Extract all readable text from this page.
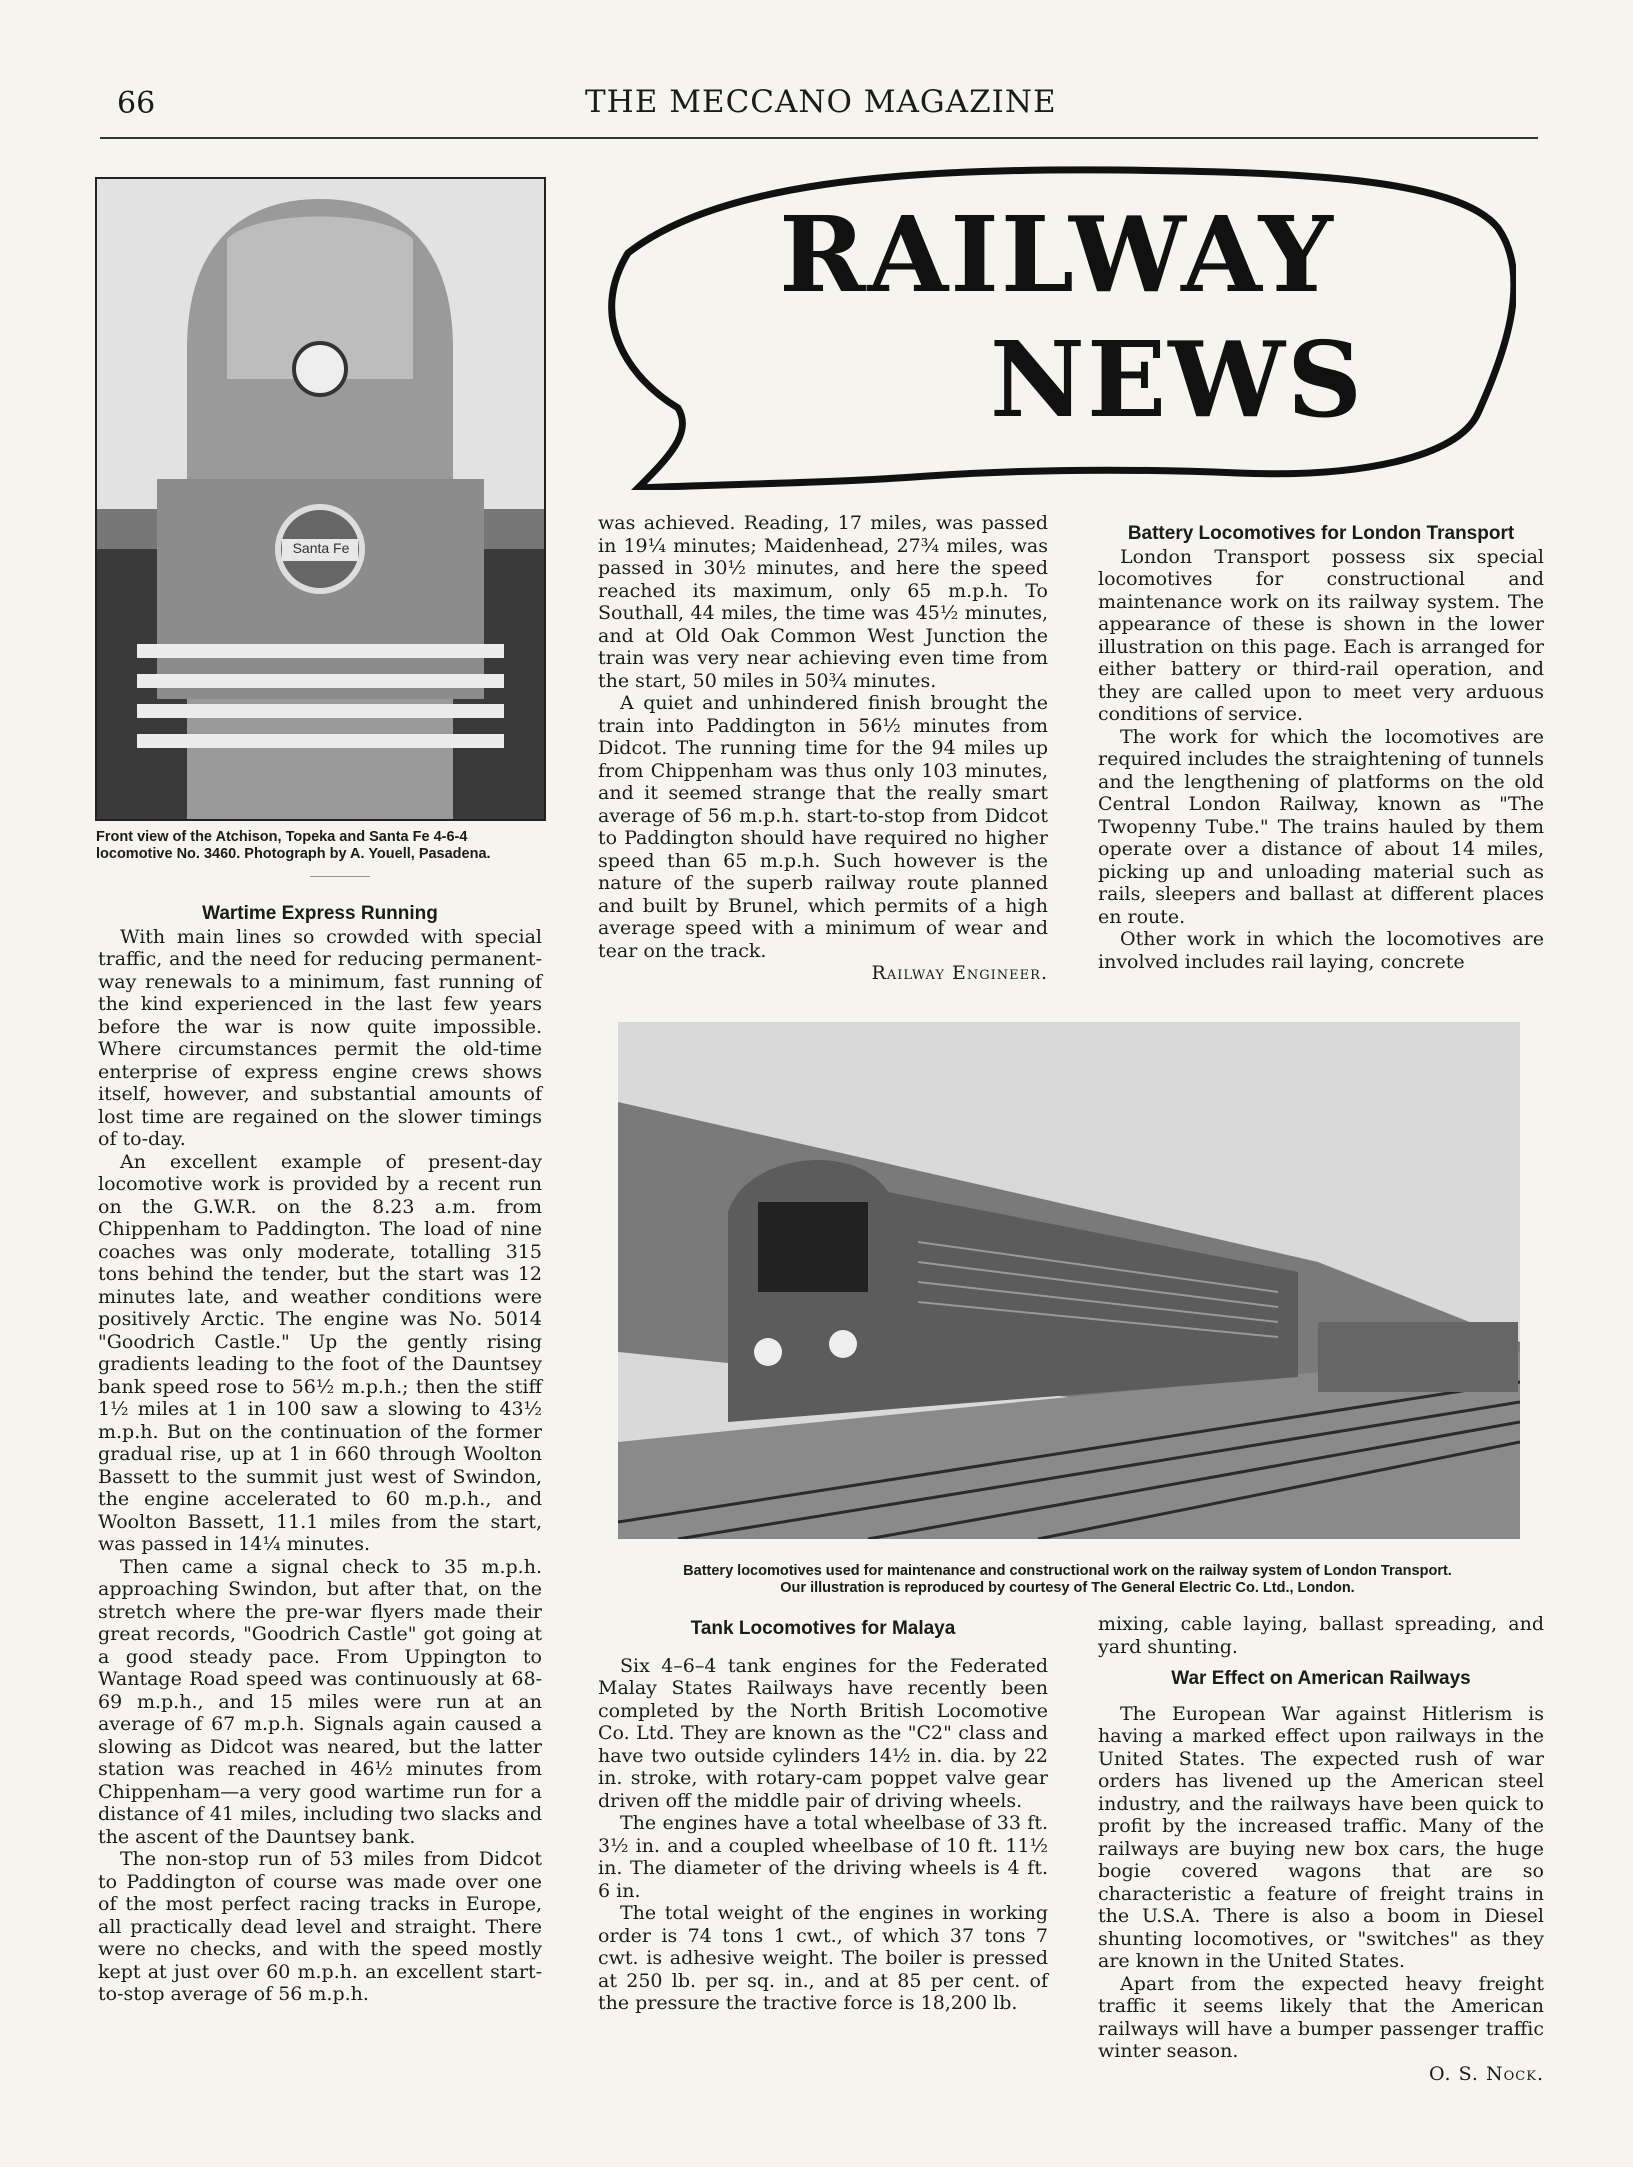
66	THE MECCANO MAGAZINE
RAILWAY
NEWS
Santa Fe
Front view of the Atchison, Topeka and Santa Fe 4-6-4 locomotive No. 3460. Photograph by A. Youell, Pasadena.
Wartime Express Running

With main lines so crowded with special traffic, and the need for reducing permanent-way renewals to a minimum, fast running of the kind experienced in the last few years before the war is now quite impossible. Where circumstances permit the old-time enterprise of express engine crews shows itself, however, and substantial amounts of lost time are regained on the slower timings of to-day.

An excellent example of present-day locomotive work is provided by a recent run on the G.W.R. on the 8.23 a.m. from Chippenham to Paddington. The load of nine coaches was only moderate, totalling 315 tons behind the tender, but the start was 12 minutes late, and weather conditions were positively Arctic. The engine was No. 5014 "Goodrich Castle." Up the gently rising gradients leading to the foot of the Dauntsey bank speed rose to 56½ m.p.h.; then the stiff 1½ miles at 1 in 100 saw a slowing to 43½ m.p.h. But on the continuation of the former gradual rise, up at 1 in 660 through Woolton Bassett to the summit just west of Swindon, the engine accelerated to 60 m.p.h., and Woolton Bassett, 11.1 miles from the start, was passed in 14¼ minutes.

Then came a signal check to 35 m.p.h. approaching Swindon, but after that, on the stretch where the pre-war flyers made their great records, "Goodrich Castle" got going at a good steady pace. From Uppington to Wantage Road speed was continuously at 68-69 m.p.h., and 15 miles were run at an average of 67 m.p.h. Signals again caused a slowing as Didcot was neared, but the latter station was reached in 46½ minutes from Chippenham—a very good wartime run for a distance of 41 miles, including two slacks and the ascent of the Dauntsey bank.

The non-stop run of 53 miles from Didcot to Paddington of course was made over one of the most perfect racing tracks in Europe, all practically dead level and straight. There were no checks, and with the speed mostly kept at just over 60 m.p.h. an excellent start-to-stop average of 56 m.p.h.

was achieved. Reading, 17 miles, was passed in 19¼ minutes; Maidenhead, 27¾ miles, was passed in 30½ minutes, and here the speed reached its maximum, only 65 m.p.h. To Southall, 44 miles, the time was 45½ minutes, and at Old Oak Common West Junction the train was very near achieving even time from the start, 50 miles in 50¾ minutes.

A quiet and unhindered finish brought the train into Paddington in 56½ minutes from Didcot. The running time for the 94 miles up from Chippenham was thus only 103 minutes, and it seemed strange that the really smart average of 56 m.p.h. start-to-stop from Didcot to Paddington should have required no higher speed than 65 m.p.h. Such however is the nature of the superb railway route planned and built by Brunel, which permits of a high average speed with a minimum of wear and tear on the track.

Railway Engineer.
Battery Locomotives for London Transport

London Transport possess six special locomotives for constructional and maintenance work on its railway system. The appearance of these is shown in the lower illustration on this page. Each is arranged for either battery or third-rail operation, and they are called upon to meet very arduous conditions of service.

The work for which the locomotives are required includes the straightening of tunnels and the lengthening of platforms on the old Central London Railway, known as "The Twopenny Tube." The trains hauled by them operate over a distance of about 14 miles, picking up and unloading material such as rails, sleepers and ballast at different places en route.

Other work in which the locomotives are involved includes rail laying, concrete

Battery locomotives used for maintenance and constructional work on the railway system of London Transport.
Our illustration is reproduced by courtesy of The General Electric Co. Ltd., London.
Tank Locomotives for Malaya

Six 4–6–4 tank engines for the Federated Malay States Railways have recently been completed by the North British Locomotive Co. Ltd. They are known as the "C2" class and have two outside cylinders 14½ in. dia. by 22 in. stroke, with rotary-cam poppet valve gear driven off the middle pair of driving wheels.

The engines have a total wheelbase of 33 ft. 3½ in. and a coupled wheelbase of 10 ft. 11½ in. The diameter of the driving wheels is 4 ft. 6 in.

The total weight of the engines in working order is 74 tons 1 cwt., of which 37 tons 7 cwt. is adhesive weight. The boiler is pressed at 250 lb. per sq. in., and at 85 per cent. of the pressure the tractive force is 18,200 lb.

mixing, cable laying, ballast spreading, and yard shunting.

War Effect on American Railways

The European War against Hitlerism is having a marked effect upon railways in the United States. The expected rush of war orders has livened up the American steel industry, and the railways have been quick to profit by the increased traffic. Many of the railways are buying new box cars, the huge bogie covered wagons that are so characteristic a feature of freight trains in the U.S.A. There is also a boom in Diesel shunting locomotives, or "switches" as they are known in the United States.

Apart from the expected heavy freight traffic it seems likely that the American railways will have a bumper passenger traffic winter season.

O. S. Nock.
